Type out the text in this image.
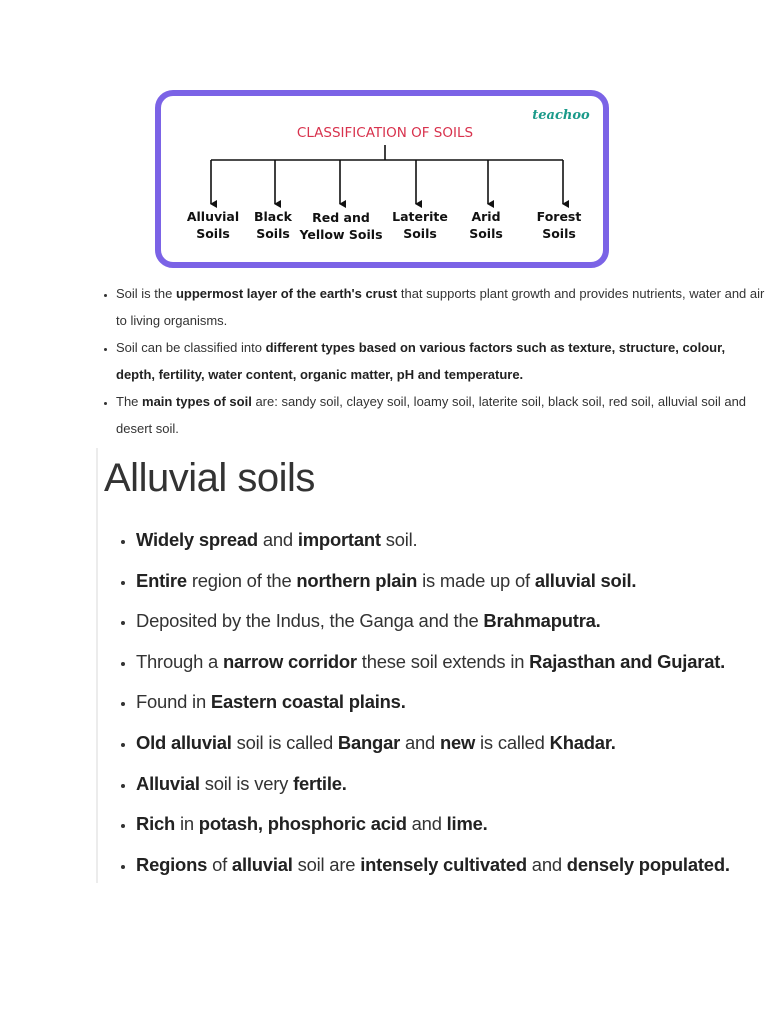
teachoo
CLASSIFICATION OF SOILS
Alluvial
Soils
Black
Soils
Red and
Yellow Soils
Laterite
Soils
Arid
Soils
Forest
Soils
• Soil is the uppermost layer of the earth's crust that supports plant growth and provides nutrients, water and air to living organisms.
• Soil can be classified into different types based on various factors such as texture, structure, colour, depth, fertility, water content, organic matter, pH and temperature.
• The main types of soil are: sandy soil, clayey soil, loamy soil, laterite soil, black soil, red soil, alluvial soil and desert soil.
Alluvial soils
• Widely spread and important soil.
• Entire region of the northern plain is made up of alluvial soil.
• Deposited by the Indus, the Ganga and the Brahmaputra.
• Through a narrow corridor these soil extends in Rajasthan and Gujarat.
• Found in Eastern coastal plains.
• Old alluvial soil is called Bangar and new is called Khadar.
• Alluvial soil is very fertile.
• Rich in potash, phosphoric acid and lime.
• Regions of alluvial soil are intensely cultivated and densely populated.
